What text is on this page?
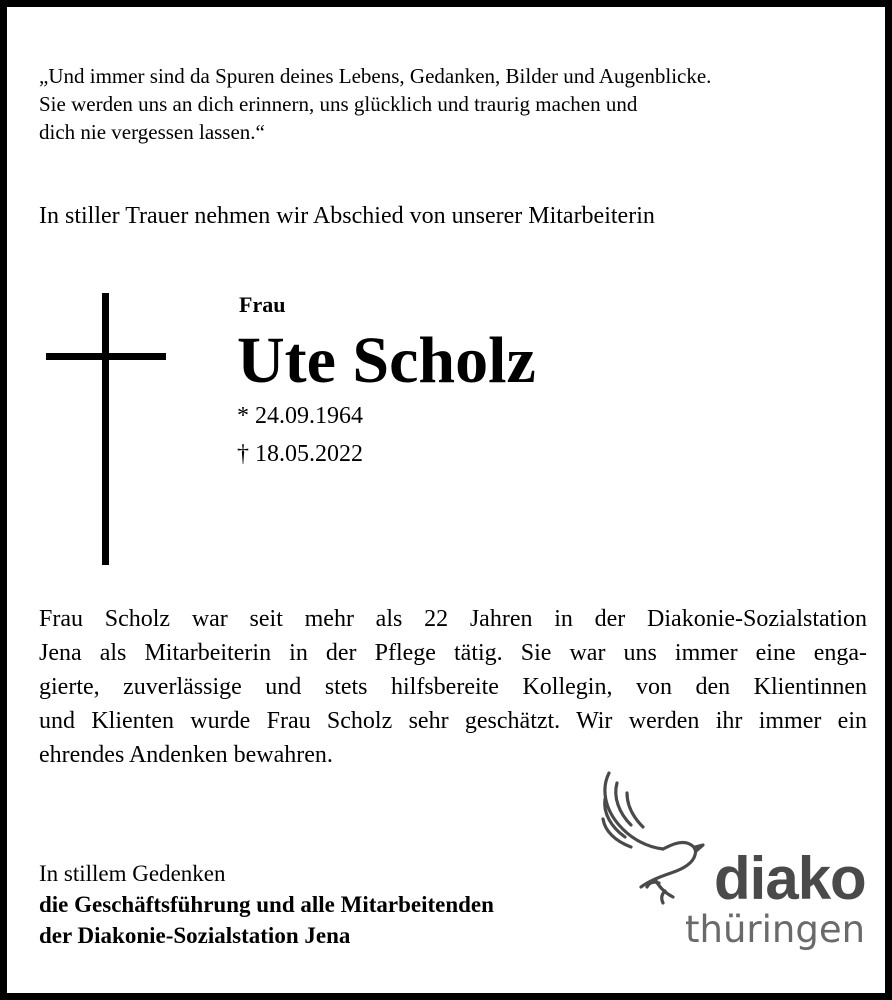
„Und immer sind da Spuren deines Lebens, Gedanken, Bilder und Augenblicke.
Sie werden uns an dich erinnern, uns glücklich und traurig machen und
dich nie vergessen lassen.“
In stiller Trauer nehmen wir Abschied von unserer Mitarbeiterin
Frau
Ute Scholz
* 24.09.1964
† 18.05.2022
Frau Scholz war seit mehr als 22 Jahren in der Diakonie-Sozialstation
Jena als Mitarbeiterin in der Pflege tätig. Sie war uns immer eine enga-
gierte, zuverlässige und stets hilfsbereite Kollegin, von den Klientinnen
und Klienten wurde Frau Scholz sehr geschätzt. Wir werden ihr immer ein
ehrendes Andenken bewahren.
In stillem Gedenken
die Geschäftsführung und alle Mitarbeitenden
der Diakonie-Sozialstation Jena
diako
thüringen
